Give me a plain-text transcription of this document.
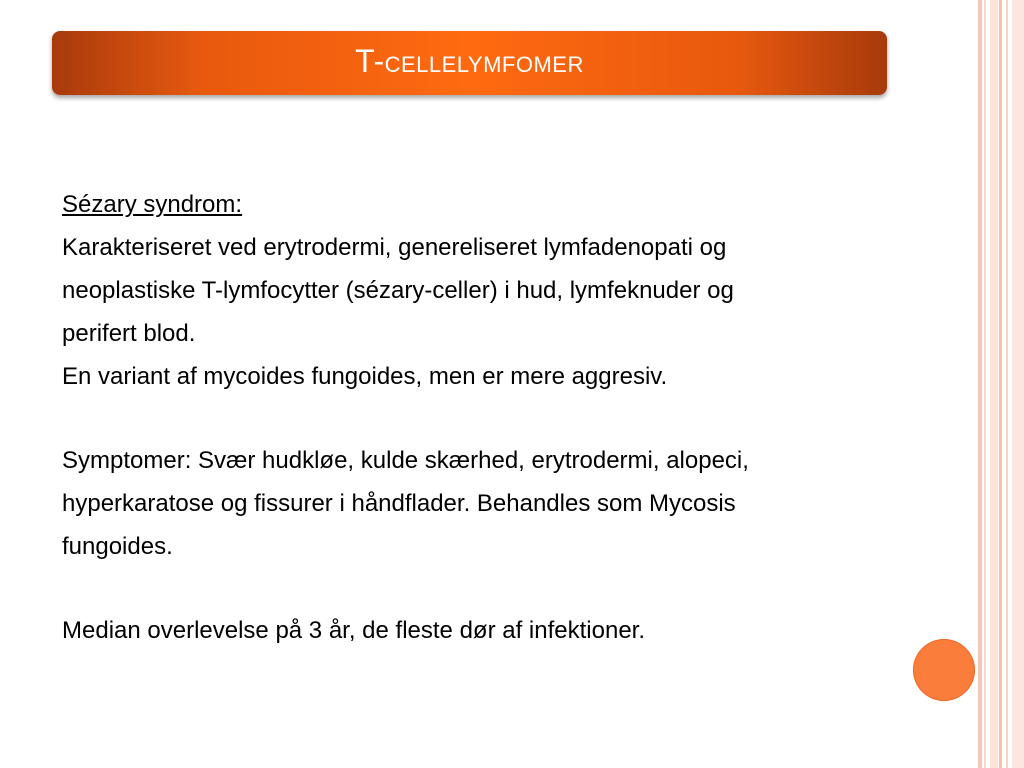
T-cellelymfomer

Sézary syndrom:

Karakteriseret ved erytrodermi, genereliseret lymfadenopati og

neoplastiske T-lymfocytter (sézary-celler) i hud, lymfeknuder og

perifert blod.

En variant af mycoides fungoides, men er mere aggresiv.

Symptomer: Svær hudkløe, kulde skærhed, erytrodermi, alopeci,

hyperkaratose og fissurer i håndflader. Behandles som Mycosis

fungoides.

Median overlevelse på 3 år, de fleste dør af infektioner.
